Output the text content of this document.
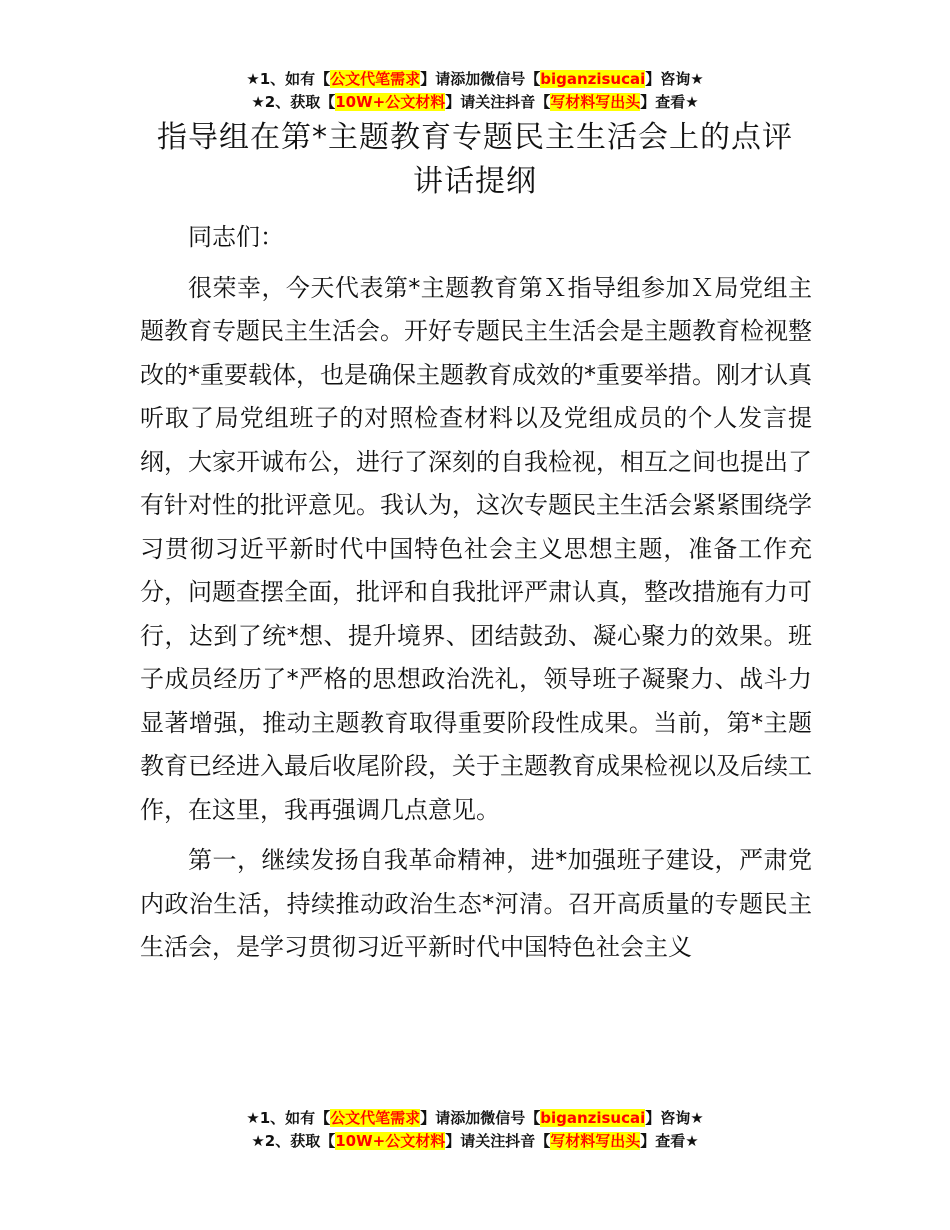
★1、如有【公文代笔需求】请添加微信号【biganzisucai】咨询★
★2、获取【10W+公文材料】请关注抖音【写材料写出头】查看★
指导组在第*主题教育专题民主生活会上的点评
讲话提纲

同志们：

很荣幸，今天代表第*主题教育第Ｘ指导组参加Ｘ局党组主题教育专题民主生活会。开好专题民主生活会是主题教育检视整改的*重要载体，也是确保主题教育成效的*重要举措。刚才认真听取了局党组班子的对照检查材料以及党组成员的个人发言提纲，大家开诚布公，进行了深刻的自我检视，相互之间也提出了有针对性的批评意见。我认为，这次专题民主生活会紧紧围绕学习贯彻习近平新时代中国特色社会主义思想主题，准备工作充分，问题查摆全面，批评和自我批评严肃认真，整改措施有力可行，达到了统*想、提升境界、团结鼓劲、凝心聚力的效果。班子成员经历了*严格的思想政治洗礼，领导班子凝聚力、战斗力显著增强，推动主题教育取得重要阶段性成果。当前，第*主题教育已经进入最后收尾阶段，关于主题教育成果检视以及后续工作，在这里，我再强调几点意见。

第一，继续发扬自我革命精神，进*加强班子建设，严肃党内政治生活，持续推动政治生态*河清。召开高质量的专题民主生活会，是学习贯彻习近平新时代中国特色社会主义

★1、如有【公文代笔需求】请添加微信号【biganzisucai】咨询★
★2、获取【10W+公文材料】请关注抖音【写材料写出头】查看★
